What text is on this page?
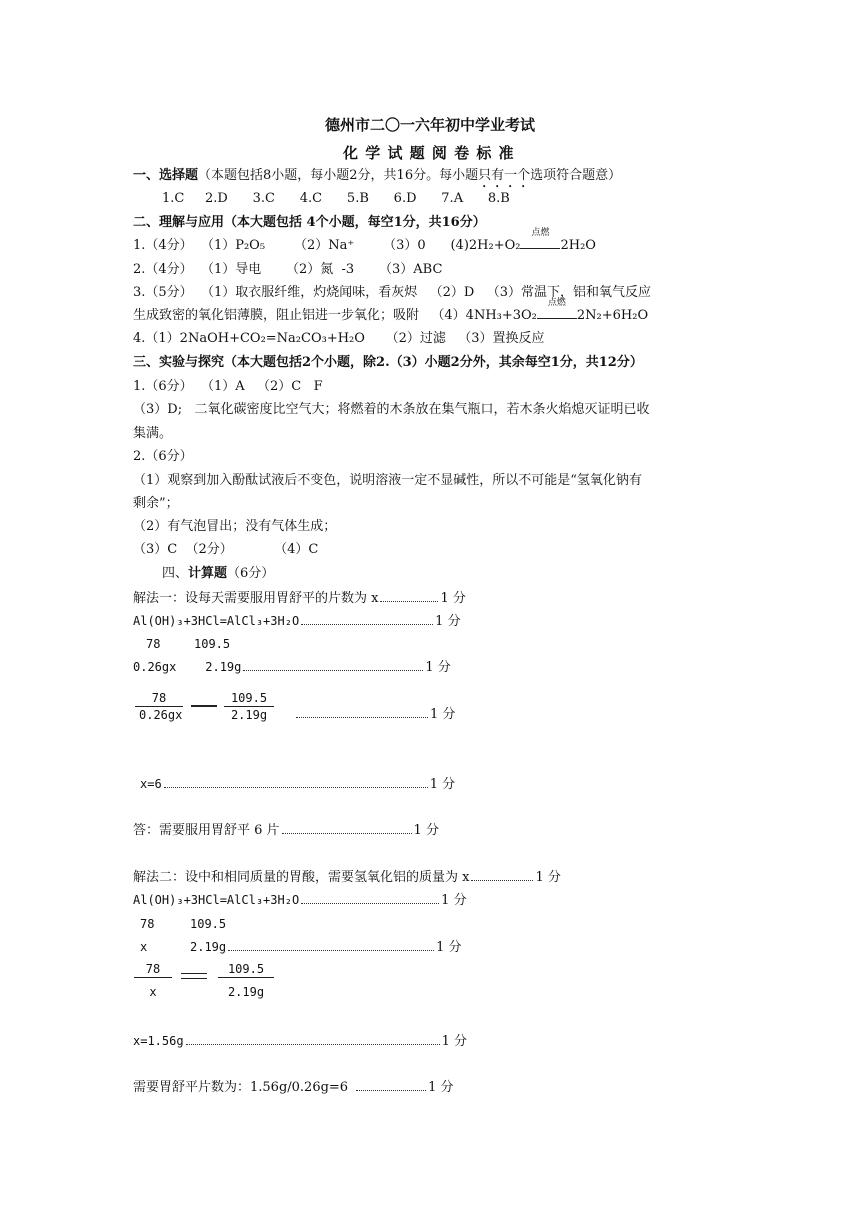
德州市二〇一六年初中学业考试
化 学 试 题 阅 卷 标 准
一、选择题（本题包括8小题，每小题2分，共16分。每小题只有一个选项符合题意）
1.C     2.D      3.C      4.C      5.B      6.D      7.A      8.B
二、理解与应用（本大题包括 4个小题，每空1分，共16分）
1.（4分）  （1）P₂O₅       （2）Na⁺       （3）0      (4)2H₂+O₂
点燃
2H₂O
2.（4分）  （1）导电      （2）氮  -3      （3）ABC
3.（5分）  （1）取衣服纤维，灼烧闻味，看灰烬   （2）D   （3）常温下，铝和氧气反应
生成致密的氧化铝薄膜，阻止铝进一步氧化；吸附   （4）4NH₃+3O₂
点燃
2N₂+6H₂O
4.（1）2NaOH+CO₂=Na₂CO₃+H₂O     （2）过滤   （3）置换反应
三、实验与探究（本大题包括2个小题，除2.（3）小题2分外，其余每空1分，共12分）
1.（6分）  （1）A   （2）C   F
（3）D;   二氧化碳密度比空气大；将燃着的木条放在集气瓶口，若木条火焰熄灭证明已收
集满。
2.（6分）
（1）观察到加入酚酞试液后不变色，说明溶液一定不显碱性，所以不可能是“氢氧化钠有
剩余”；
（2）有气泡冒出；没有气体生成；
（3）C  （2分）          （4）C
四、计算题（6分）
解法一：设每天需要服用胃舒平的片数为 x	1 分
Al(OH)₃+3HCl=AlCl₃+3H₂O	1 分
78	109.5
0.26gx    2.19g	1 分
$\frac{78}{0.26gx}$	$\frac{109.5}{2.19g}$	1 分
x=6	1 分
答：需要服用胃舒平 6 片	1 分
解法二：设中和相同质量的胃酸，需要氢氧化铝的质量为 x	1 分
Al(OH)₃+3HCl=AlCl₃+3H₂O	1 分
78	109.5
x	2.19g	1 分
$\frac{78}{x}$	$\frac{109.5}{2.19g}$
x=1.56g	1 分
需要胃舒平片数为：1.56g/0.26g=6	1 分
